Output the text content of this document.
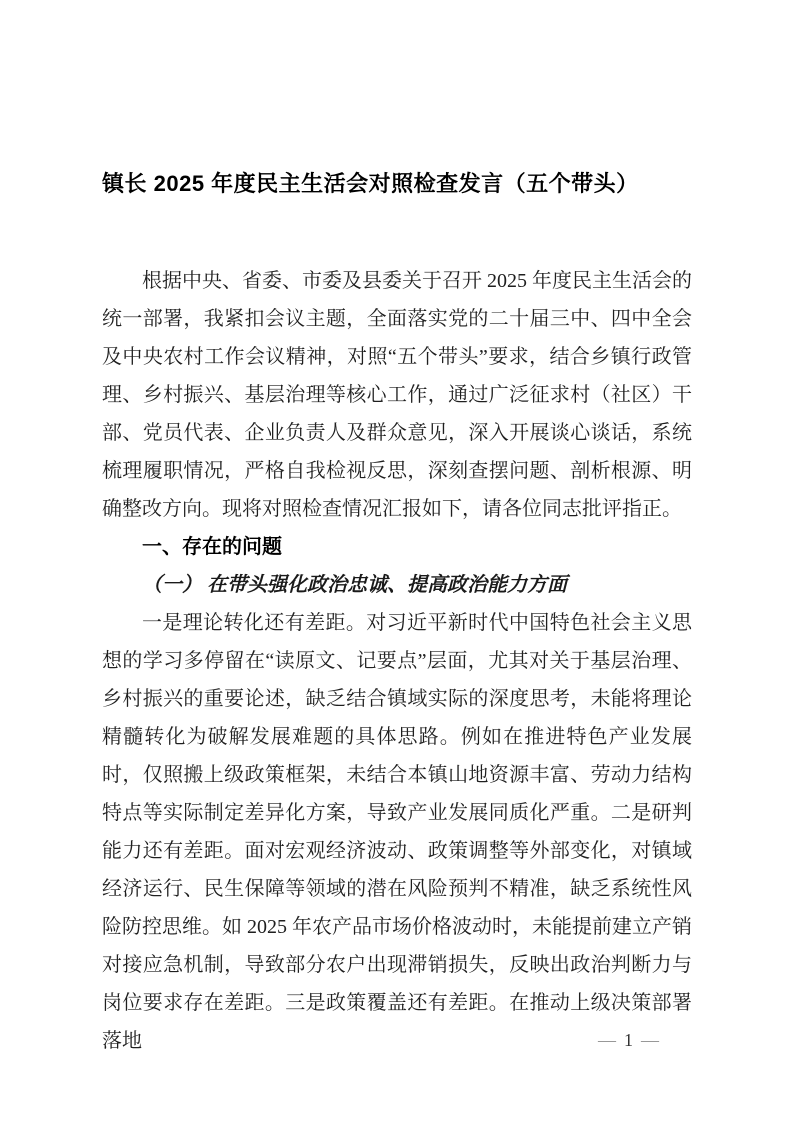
镇长 2025 年度民主生活会对照检查发言（五个带头）

根据中央、省委、市委及县委关于召开 2025 年度民主生活会的统一部署，我紧扣会议主题，全面落实党的二十届三中、四中全会及中央农村工作会议精神，对照“五个带头”要求，结合乡镇行政管理、乡村振兴、基层治理等核心工作，通过广泛征求村（社区）干部、党员代表、企业负责人及群众意见，深入开展谈心谈话，系统梳理履职情况，严格自我检视反思，深刻查摆问题、剖析根源、明确整改方向。现将对照检查情况汇报如下，请各位同志批评指正。

一、存在的问题
（一） 在带头强化政治忠诚、提高政治能力方面

一是理论转化还有差距。对习近平新时代中国特色社会主义思想的学习多停留在“读原文、记要点”层面，尤其对关于基层治理、乡村振兴的重要论述，缺乏结合镇域实际的深度思考，未能将理论精髓转化为破解发展难题的具体思路。例如在推进特色产业发展时，仅照搬上级政策框架，未结合本镇山地资源丰富、劳动力结构特点等实际制定差异化方案，导致产业发展同质化严重。二是研判能力还有差距。面对宏观经济波动、政策调整等外部变化，对镇域经济运行、民生保障等领域的潜在风险预判不精准，缺乏系统性风险防控思维。如 2025 年农产品市场价格波动时，未能提前建立产销对接应急机制，导致部分农户出现滞销损失，反映出政治判断力与岗位要求存在差距。三是政策覆盖还有差距。在推动上级决策部署落地	— 1 —
